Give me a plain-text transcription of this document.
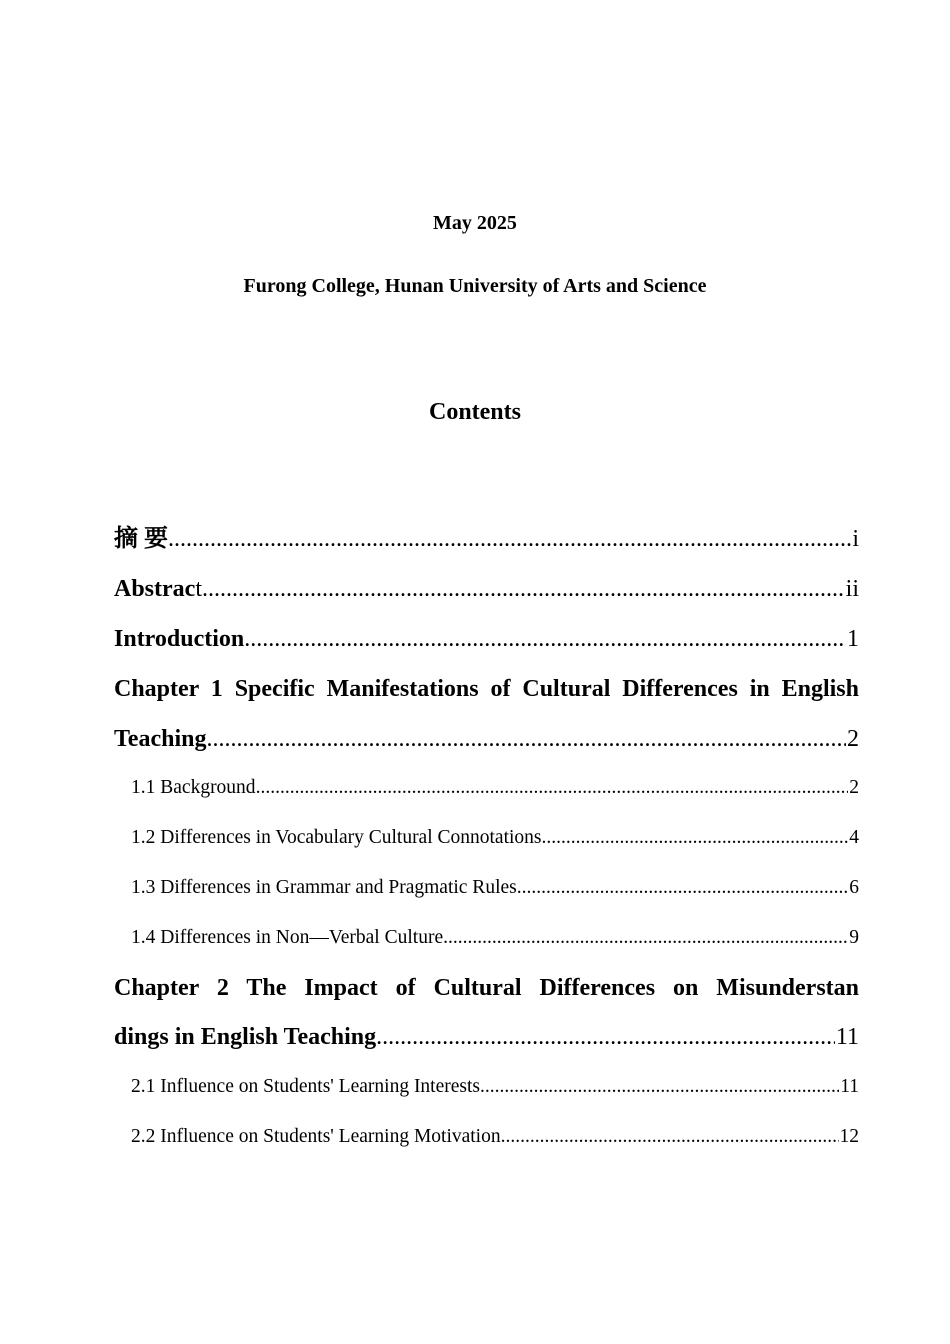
May 2025
Furong College, Hunan University of Arts and Science
Contents
摘 要 .....	i
Abstract .....	ii
Introduction .....	1
Chapter 1 Specific Manifestations of Cultural Differences in English
Teaching .....	2
1.1 Background .....	2
1.2 Differences in Vocabulary Cultural Connotations .....	4
1.3 Differences in Grammar and Pragmatic Rules .....	6
1.4 Differences in Non—Verbal Culture .....	9
Chapter 2 The Impact of Cultural Differences on Misunderstan
dings in English Teaching .....	11
2.1 Influence on Students' Learning Interests .....	11
2.2 Influence on Students' Learning Motivation .....	12
